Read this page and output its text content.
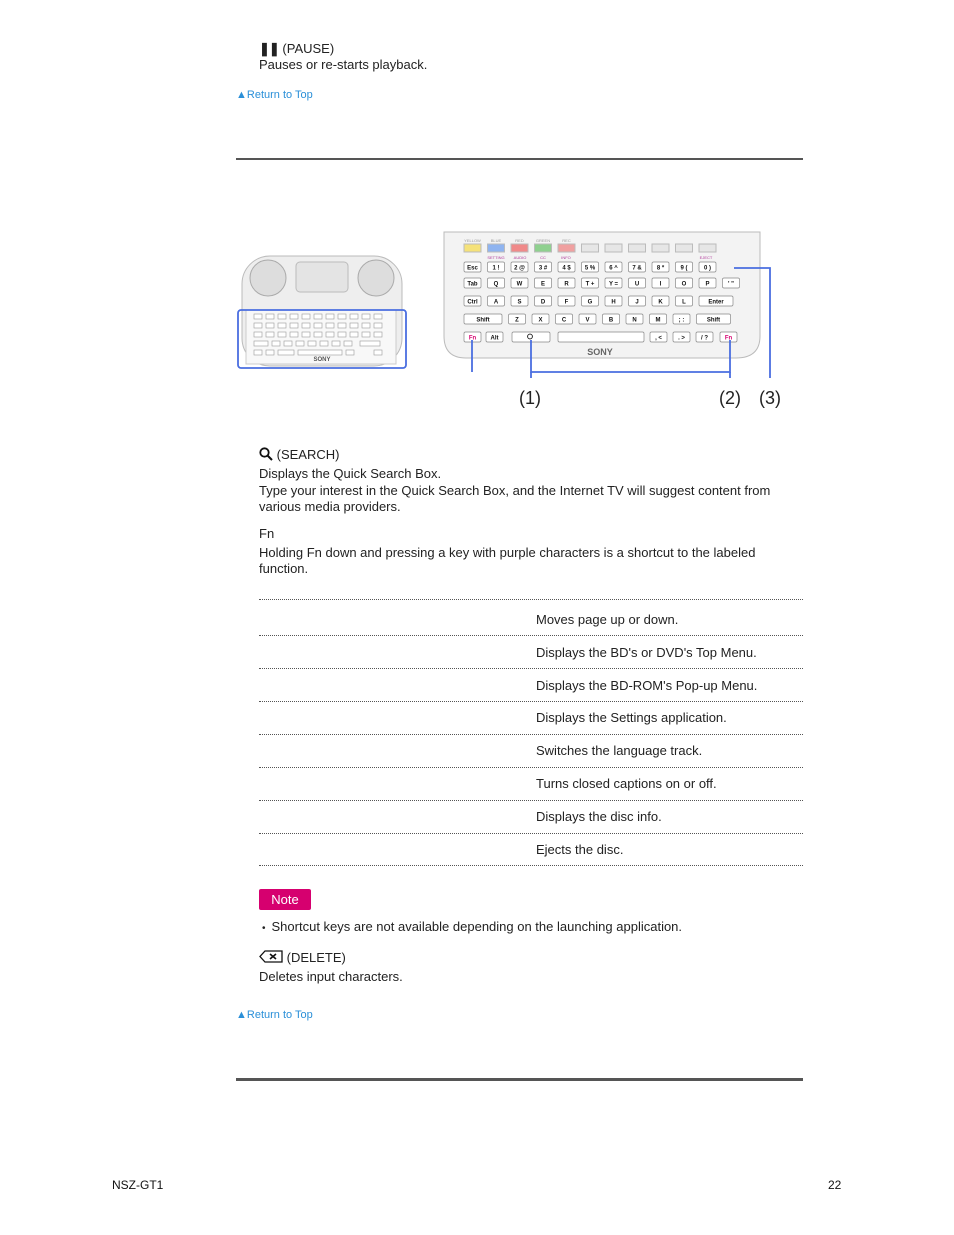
❚❚ (PAUSE)
Pauses or re-starts playback.
▲Return to Top
SONY
YELLOW BLUE	RED	GREEN	REC
SETTING AUDIO	CC	INFO	EJECT
Esc 1 ! 2 @ 3 #	4 $ 5 % 6 ^ 7 &	8 *	9 (	0 )
Tab	Q	W	E	R	T + Y =	U	I	O	P	' "
Ctrl	A	S	D	F	G	H	J	K	L	Enter
Shift	Z	X	C	V	B	N	M	; :	Shift
Fn Alt	, <	. >	/ ?	Fn
SONY
(1)	(2) (3)
(SEARCH)
Displays the Quick Search Box.
Type your interest in the Quick Search Box, and the Internet TV will suggest content from
various media providers.
Fn
Holding Fn down and pressing a key with purple characters is a shortcut to the labeled
function.
Moves page up or down.
Displays the BD's or DVD's Top Menu.
Displays the BD-ROM's Pop-up Menu.
Displays the Settings application.
Switches the language track.
Turns closed captions on or off.
Displays the disc info.
Ejects the disc.
Note
• Shortcut keys are not available depending on the launching application.
(DELETE)
Deletes input characters.
▲Return to Top
NSZ-GT1	22
